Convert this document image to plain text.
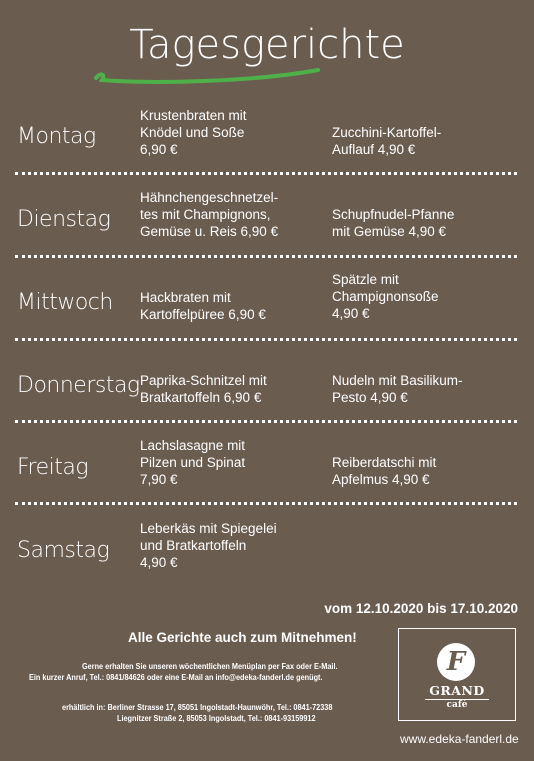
Tagesgerichte
Montag
Krustenbraten mit
Knödel und Soße
6,90 €
Zucchini-Kartoffel-
Auflauf 4,90 €
Dienstag
Hähnchengeschnetzel-
tes mit Champignons,
Gemüse u. Reis 6,90 €
Schupfnudel-Pfanne
mit Gemüse 4,90 €
Mittwoch Hackbraten mit
Kartoffelpüree 6,90 €
Spätzle mit
Champignonsoße
4,90 €
Donnerstag Paprika-Schnitzel mit
Bratkartoffeln 6,90 €
Nudeln mit Basilikum-
Pesto 4,90 €
Freitag
Lachslasagne mit
Pilzen und Spinat
7,90 €
Reiberdatschi mit
Apfelmus 4,90 €
Samstag
Leberkäs mit Spiegelei
und Bratkartoffeln
4,90 €
vom 12.10.2020 bis 17.10.2020
Alle Gerichte auch zum Mitnehmen!
Gerne erhalten Sie unseren wöchentlichen Menüplan per Fax oder E-Mail.
Ein kurzer Anruf, Tel.: 0841/84626 oder eine E-Mail an info@edeka-fanderl.de genügt.
erhältlich in: Berliner Strasse 17, 85051 Ingolstadt-Haunwöhr, Tel.: 0841-72338
Liegnitzer Straße 2, 85053 Ingolstadt, Tel.: 0841-93159912
F
GRAND
café
www.edeka-fanderl.de
